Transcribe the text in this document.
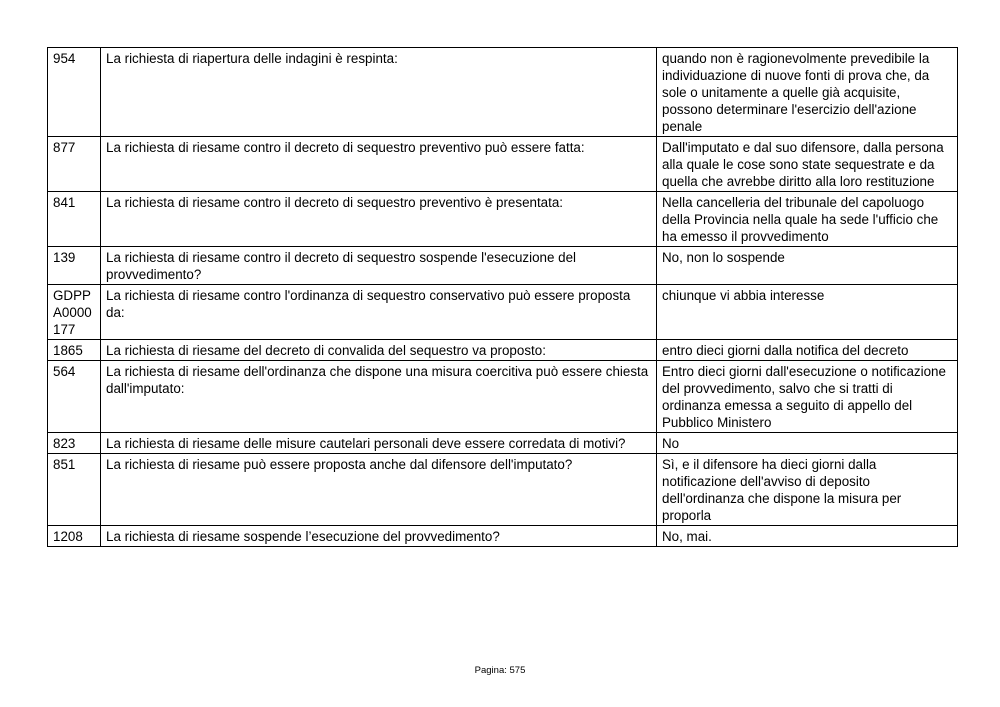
954	La richiesta di riapertura delle indagini è respinta:	quando non è ragionevolmente prevedibile la individuazione di nuove fonti di prova che, da sole o unitamente a quelle già acquisite, possono determinare l'esercizio dell'azione penale
877	La richiesta di riesame contro il decreto di sequestro preventivo può essere fatta:	Dall'imputato e dal suo difensore, dalla persona alla quale le cose sono state sequestrate e da quella che avrebbe diritto alla loro restituzione
841	La richiesta di riesame contro il decreto di sequestro preventivo è presentata:	Nella cancelleria del tribunale del capoluogo della Provincia nella quale ha sede l'ufficio che ha emesso il provvedimento
139	La richiesta di riesame contro il decreto di sequestro sospende l'esecuzione del provvedimento?	No, non lo sospende
GDPPA0000177	La richiesta di riesame contro l'ordinanza di sequestro conservativo può essere proposta da:	chiunque vi abbia interesse
1865	La richiesta di riesame del decreto di convalida del sequestro va proposto:	entro dieci giorni dalla notifica del decreto
564	La richiesta di riesame dell'ordinanza che dispone una misura coercitiva può essere chiesta dall'imputato:	Entro dieci giorni dall'esecuzione o notificazione del provvedimento, salvo che si tratti di ordinanza emessa a seguito di appello del Pubblico Ministero
823	La richiesta di riesame delle misure cautelari personali deve essere corredata di motivi?	No
851	La richiesta di riesame può essere proposta anche dal difensore dell'imputato?	Sì, e il difensore ha dieci giorni dalla notificazione dell'avviso di deposito dell'ordinanza che dispone la misura per proporla
1208	La richiesta di riesame sospende l’esecuzione del provvedimento?	No, mai.
Pagina: 575
